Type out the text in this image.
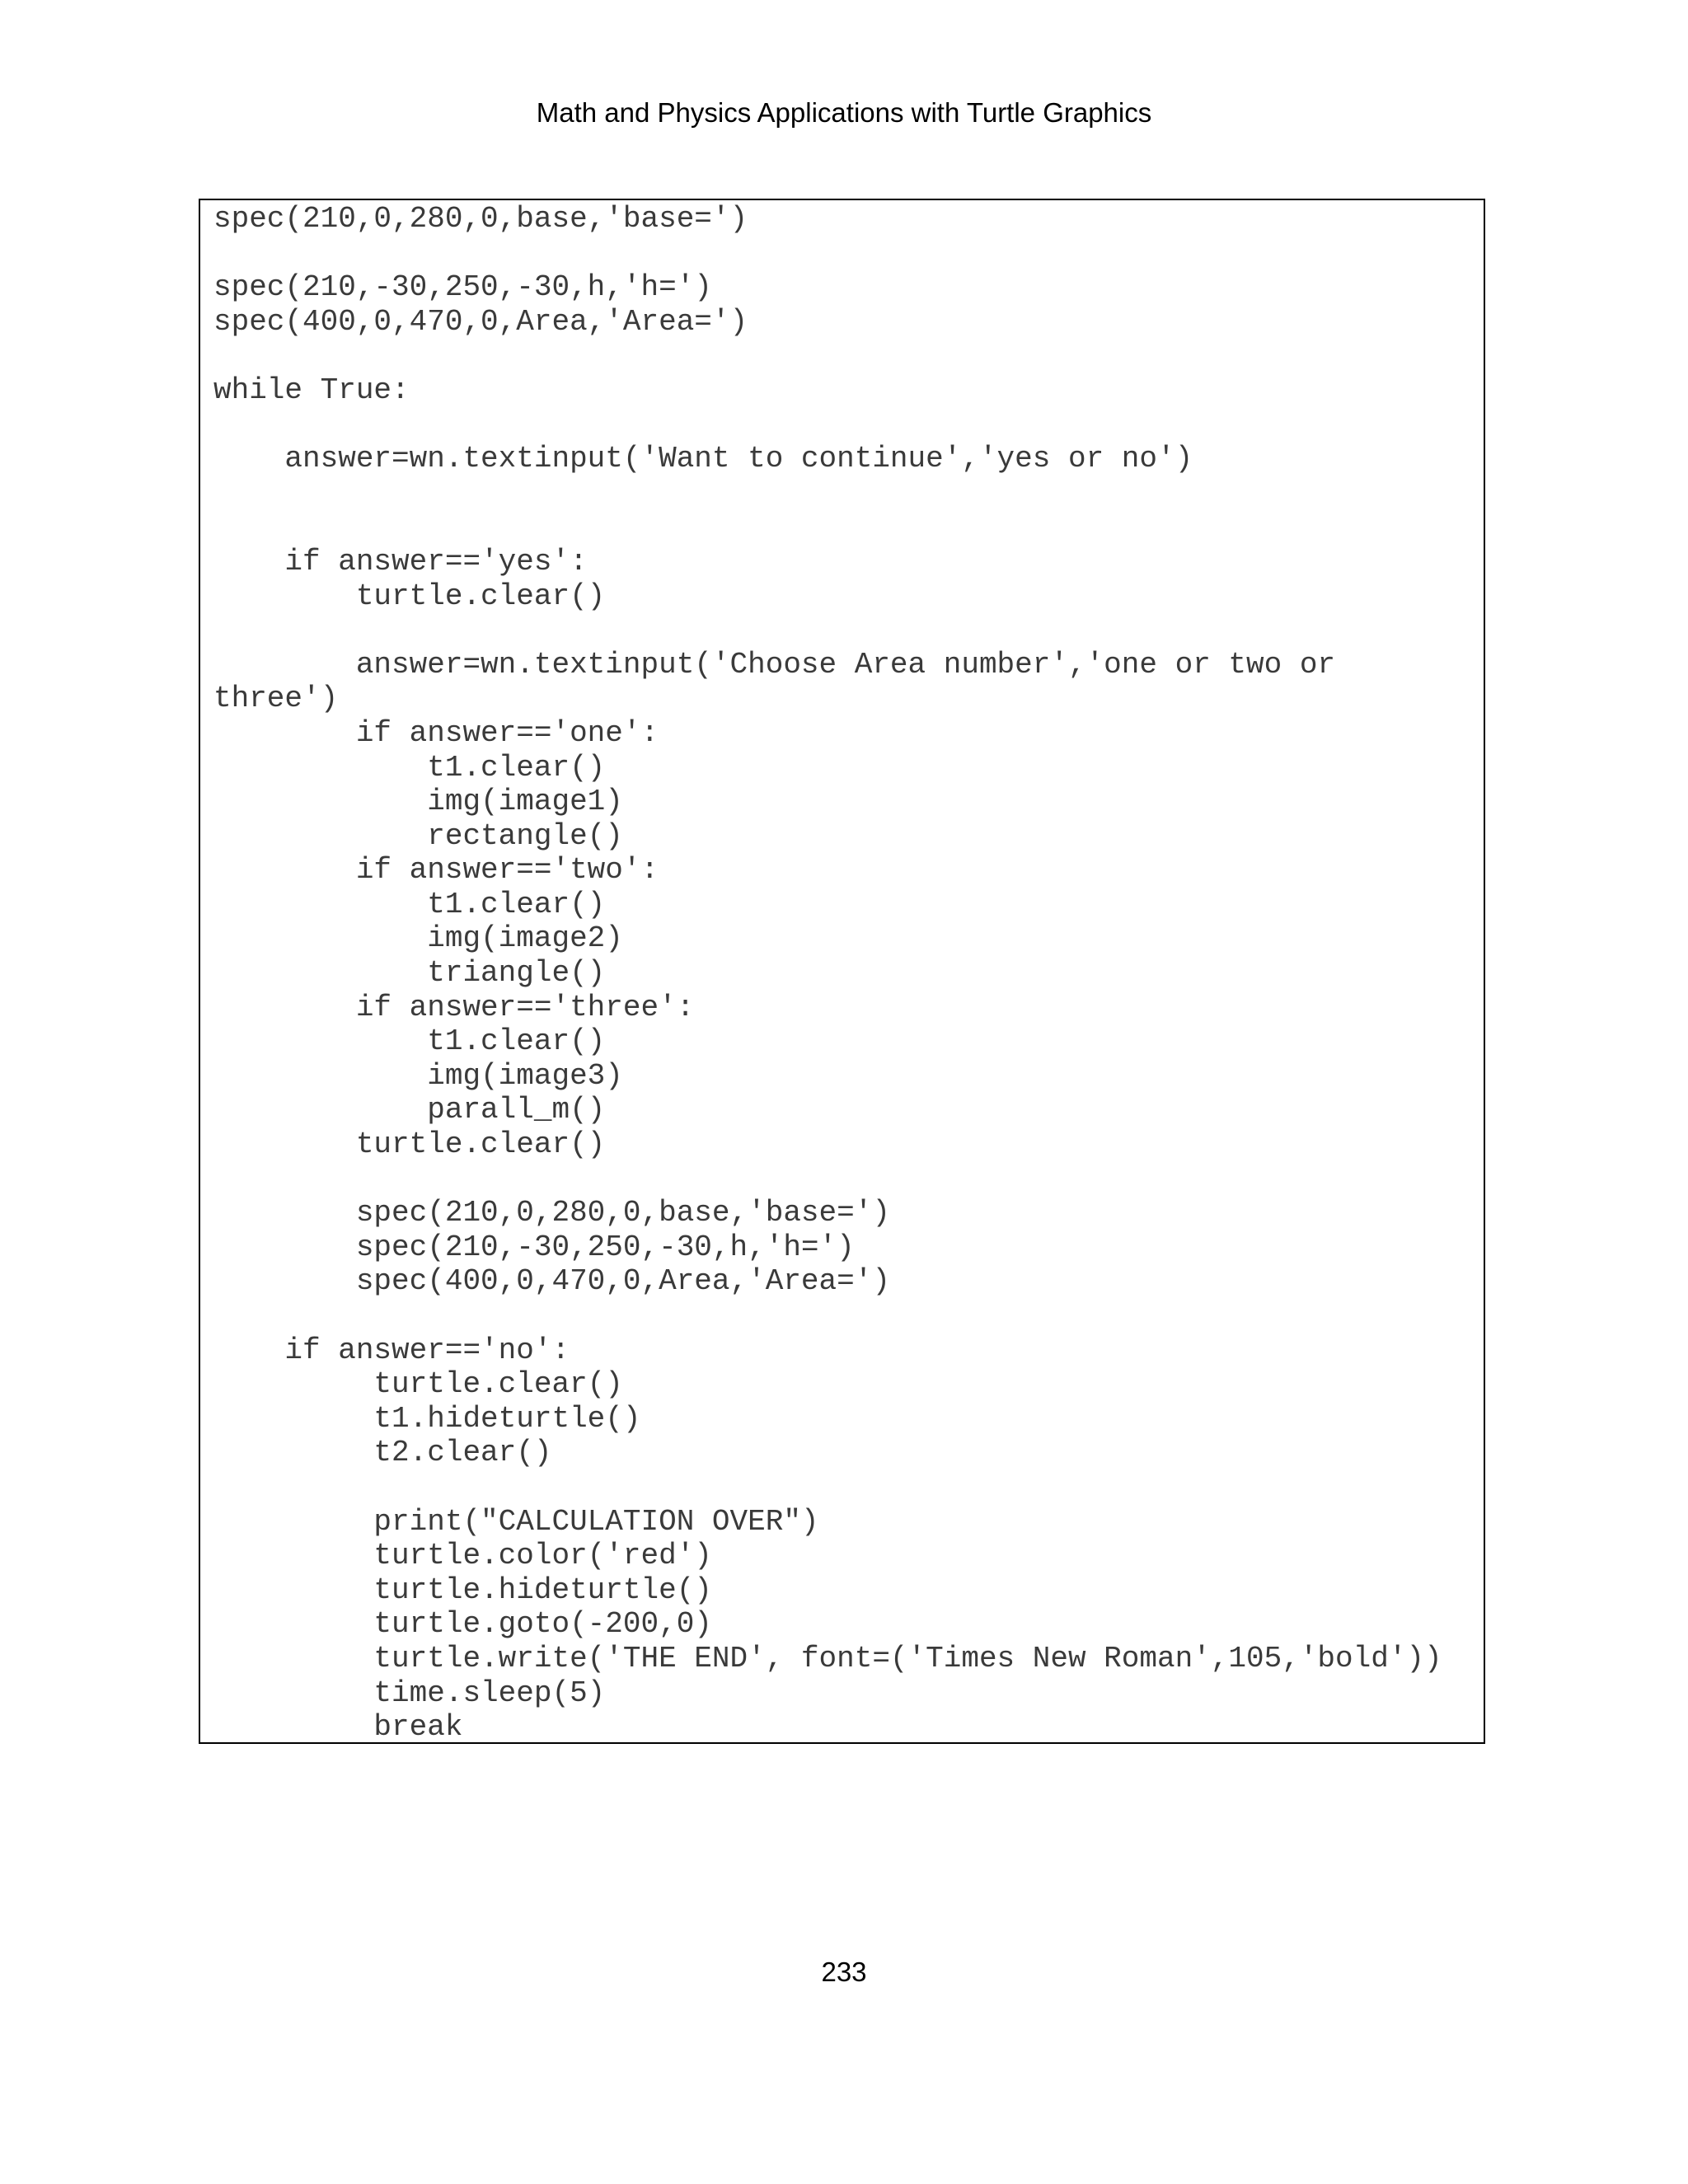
Math and Physics Applications with Turtle Graphics
spec(210,0,280,0,base,'base=')
spec(210,-30,250,-30,h,'h=')
spec(400,0,470,0,Area,'Area=')
while True:
answer=wn.textinput('Want to continue','yes or no')
if answer=='yes':
turtle.clear()
answer=wn.textinput('Choose Area number','one or two or
three')
if answer=='one':
t1.clear()
img(image1)
rectangle()
if answer=='two':
t1.clear()
img(image2)
triangle()
if answer=='three':
t1.clear()
img(image3)
parall_m()
turtle.clear()
spec(210,0,280,0,base,'base=')
spec(210,-30,250,-30,h,'h=')
spec(400,0,470,0,Area,'Area=')
if answer=='no':
turtle.clear()
t1.hideturtle()
t2.clear()
print("CALCULATION OVER")
turtle.color('red')
turtle.hideturtle()
turtle.goto(-200,0)
turtle.write('THE END', font=('Times New Roman',105,'bold'))
time.sleep(5)
break
233
